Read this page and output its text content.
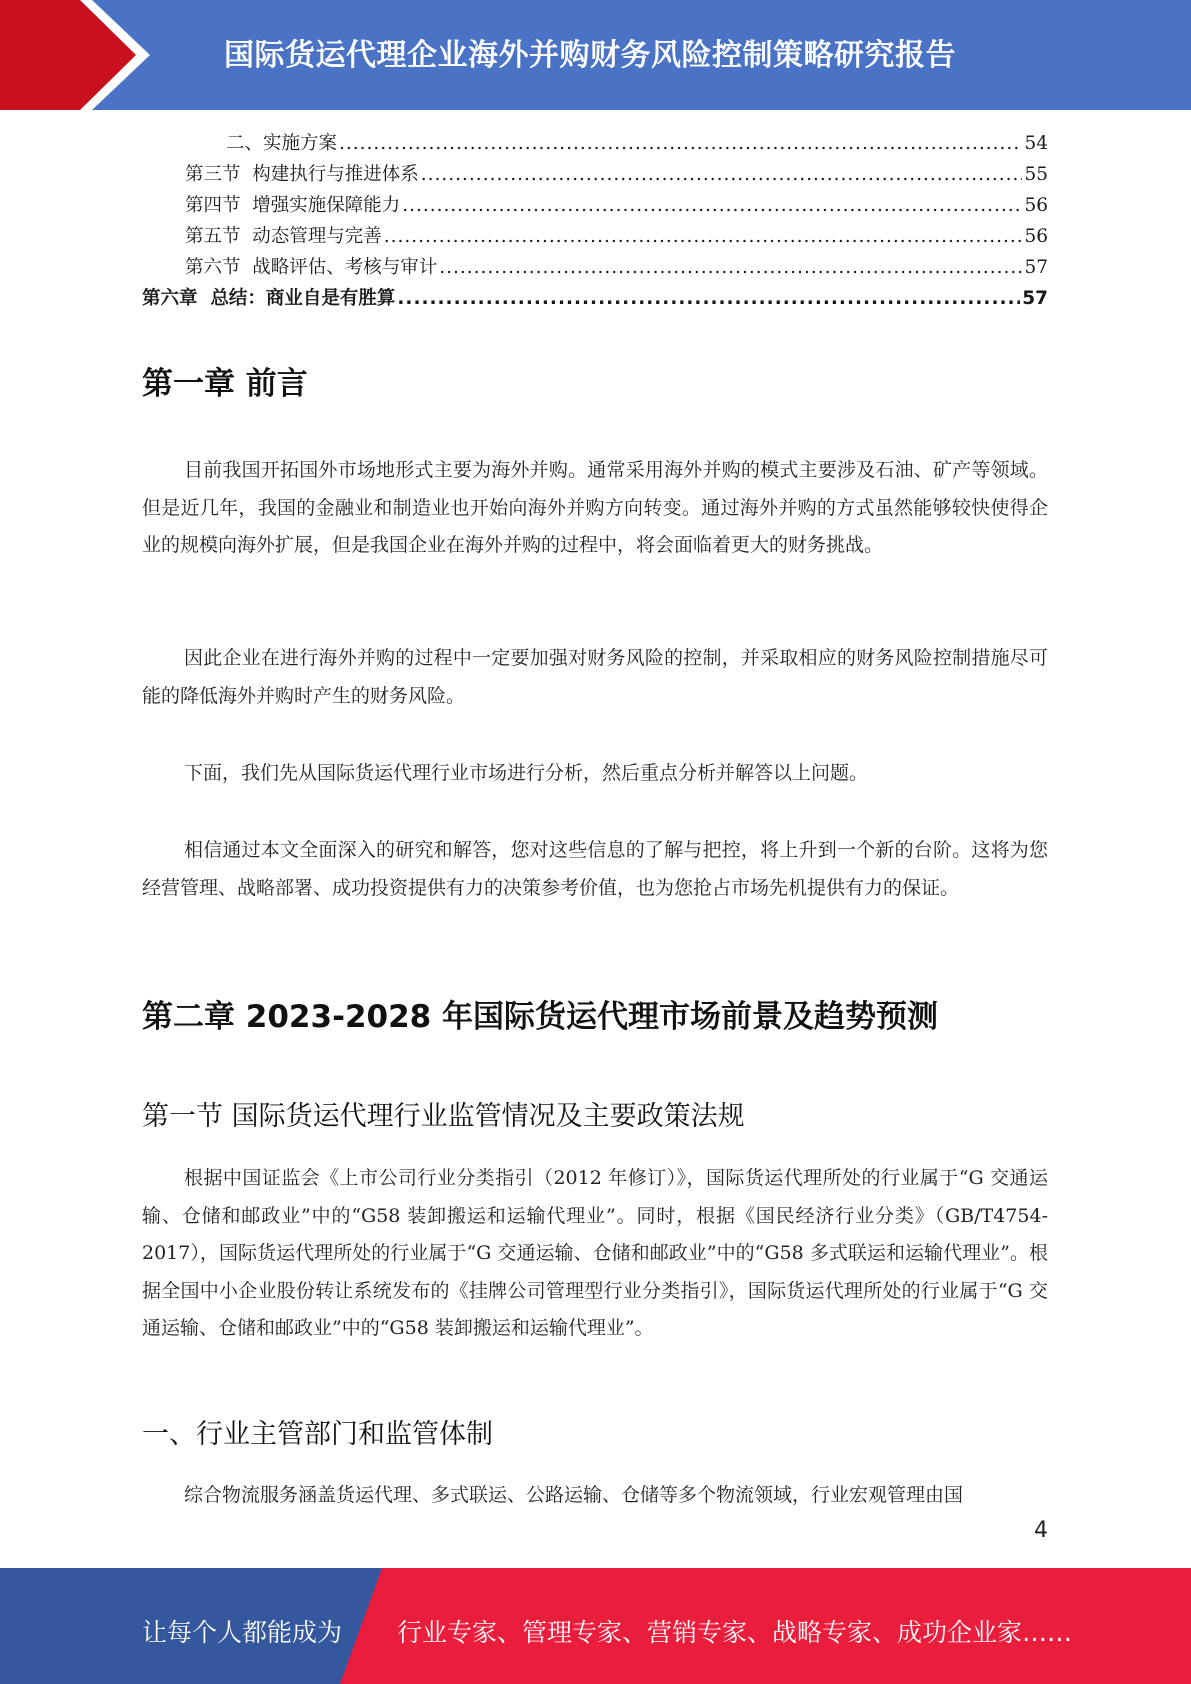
国际货运代理企业海外并购财务风险控制策略研究报告
二、实施方案 .....	54
第三节  构建执行与推进体系 .....	55
第四节  增强实施保障能力 .....	56
第五节  动态管理与完善 .....	56
第六节  战略评估、考核与审计 .....	57
第六章  总结：商业自是有胜算 .....	57
第一章 前言
目前我国开拓国外市场地形式主要为海外并购。通常采用海外并购的模式主要涉及石油、矿产等领域。但是近几年，我国的金融业和制造业也开始向海外并购方向转变。通过海外并购的方式虽然能够较快使得企业的规模向海外扩展，但是我国企业在海外并购的过程中，将会面临着更大的财务挑战。
因此企业在进行海外并购的过程中一定要加强对财务风险的控制，并采取相应的财务风险控制措施尽可能的降低海外并购时产生的财务风险。
下面，我们先从国际货运代理行业市场进行分析，然后重点分析并解答以上问题。
相信通过本文全面深入的研究和解答，您对这些信息的了解与把控，将上升到一个新的台阶。这将为您经营管理、战略部署、成功投资提供有力的决策参考价值，也为您抢占市场先机提供有力的保证。
第二章 2023-2028 年国际货运代理市场前景及趋势预测
第一节 国际货运代理行业监管情况及主要政策法规
根据中国证监会《上市公司行业分类指引（2012 年修订）》，国际货运代理所处的行业属于“G 交通运输、仓储和邮政业”中的“G58 装卸搬运和运输代理业”。同时，根据《国民经济行业分类》（GB/T4754-2017），国际货运代理所处的行业属于“G 交通运输、仓储和邮政业”中的“G58 多式联运和运输代理业”。根据全国中小企业股份转让系统发布的《挂牌公司管理型行业分类指引》，国际货运代理所处的行业属于“G 交通运输、仓储和邮政业”中的“G58 装卸搬运和运输代理业”。
一、行业主管部门和监管体制
综合物流服务涵盖货运代理、多式联运、公路运输、仓储等多个物流领域，行业宏观管理由国
4
让每个人都能成为 行业专家、管理专家、营销专家、战略专家、成功企业家……
